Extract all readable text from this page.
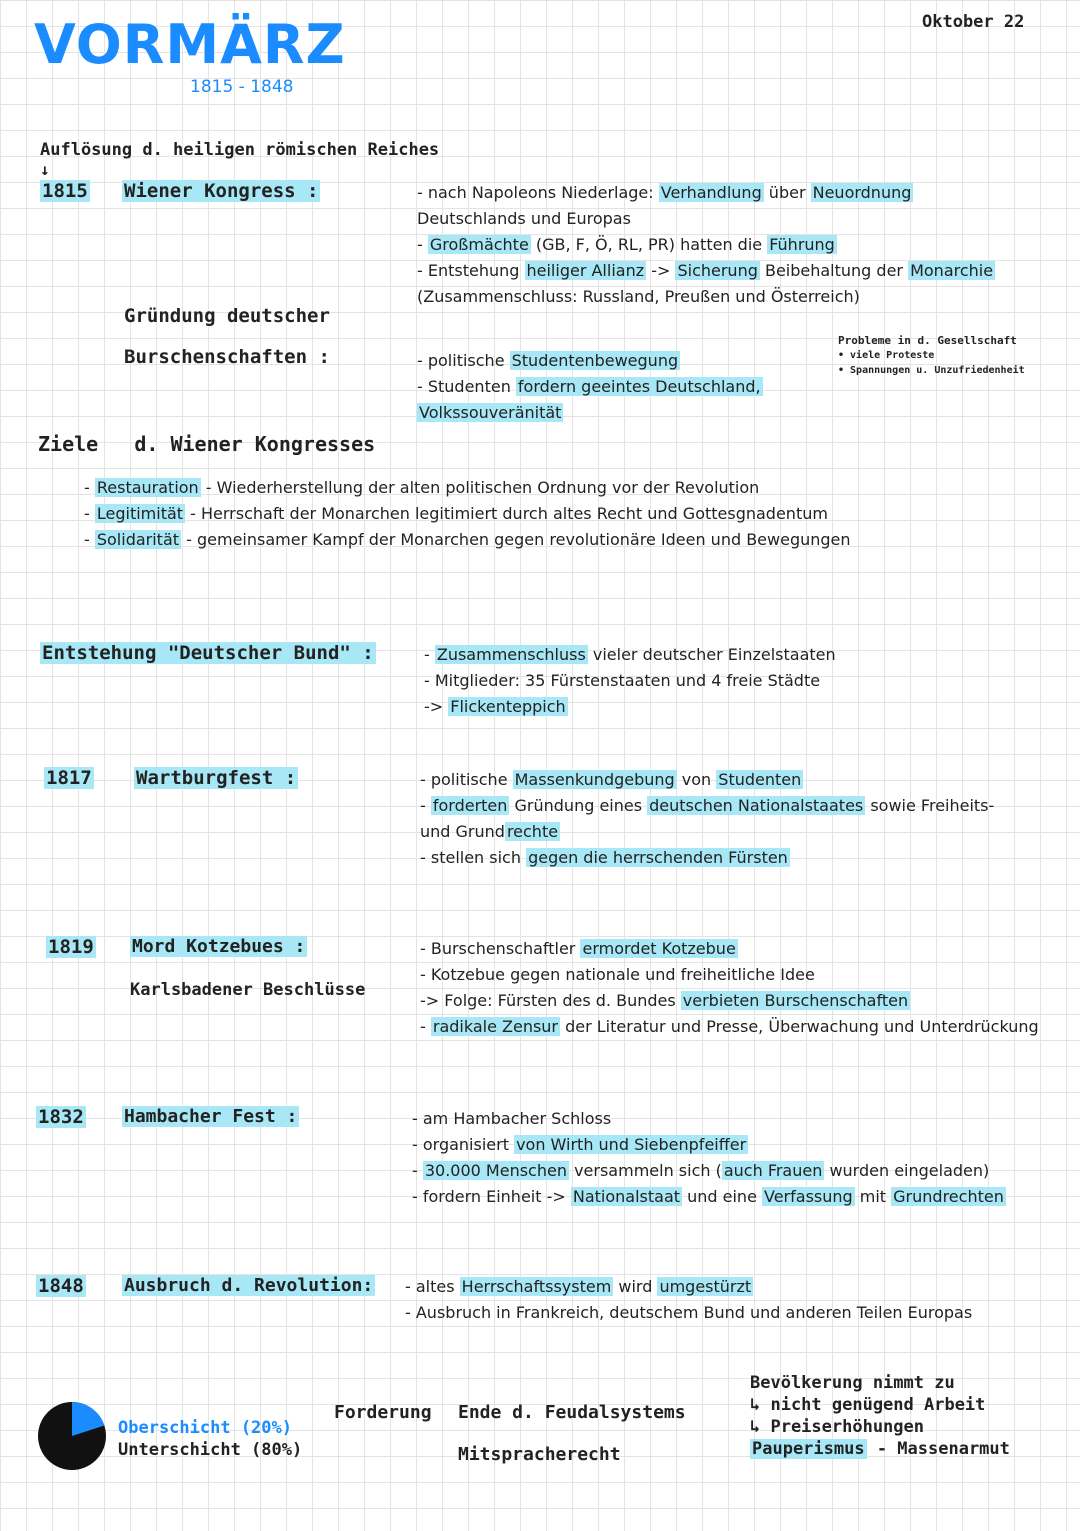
VORMÄRZ
1815 - 1848
Oktober 22
Auflösung d. heiligen römischen Reiches
↓
1815 Wiener Kongress :	- nach Napoleons Niederlage: Verhandlung über Neuordnung
Deutschlands und Europas
- Großmächte (GB, F, Ö, RL, PR) hatten die Führung
- Entstehung heiliger Allianz -> Sicherung Beibehaltung der Monarchie
(Zusammenschluss: Russland, Preußen und Österreich)
Gründung deutscher
Burschenschaften :	- politische Studentenbewegung
- Studenten fordern geeintes Deutschland,
Volkssouveränität
Probleme in d. Gesellschaft
• viele Proteste
• Spannungen u. Unzufriedenheit
Ziele d. Wiener Kongresses
- Restauration - Wiederherstellung der alten politischen Ordnung vor der Revolution
- Legitimität - Herrschaft der Monarchen legitimiert durch altes Recht und Gottesgnadentum
- Solidarität - gemeinsamer Kampf der Monarchen gegen revolutionäre Ideen und Bewegungen
Entstehung "Deutscher Bund" :	- Zusammenschluss vieler deutscher Einzelstaaten
- Mitglieder: 35 Fürstenstaaten und 4 freie Städte
-> Flickenteppich
1817 Wartburgfest :	- politische Massenkundgebung von Studenten
- forderten Gründung eines deutschen Nationalstaates sowie Freiheits-
und Grund rechte
- stellen sich gegen die herrschenden Fürsten
1819 Mord Kotzebues :
Karlsbadener Beschlüsse
- Burschenschaftler ermordet Kotzebue
- Kotzebue gegen nationale und freiheitliche Idee
-> Folge: Fürsten des d. Bundes verbieten Burschenschaften
- radikale Zensur der Literatur und Presse, Überwachung und Unterdrückung
1832 Hambacher Fest :	- am Hambacher Schloss
- organisiert von Wirth und Siebenpfeiffer
- 30.000 Menschen versammeln sich ( auch Frauen wurden eingeladen)
- fordern Einheit -> Nationalstaat und eine Verfassung mit Grundrechten
1848 Ausbruch d. Revolution: - altes Herrschaftssystem wird umgestürzt
- Ausbruch in Frankreich, deutschem Bund und anderen Teilen Europas
Oberschicht (20%)
Unterschicht (80%)
Forderung Ende d. Feudalsystems
Mitspracherecht
Bevölkerung nimmt zu
↳ nicht genügend Arbeit
↳ Preiserhöhungen
Pauperismus - Massenarmut
